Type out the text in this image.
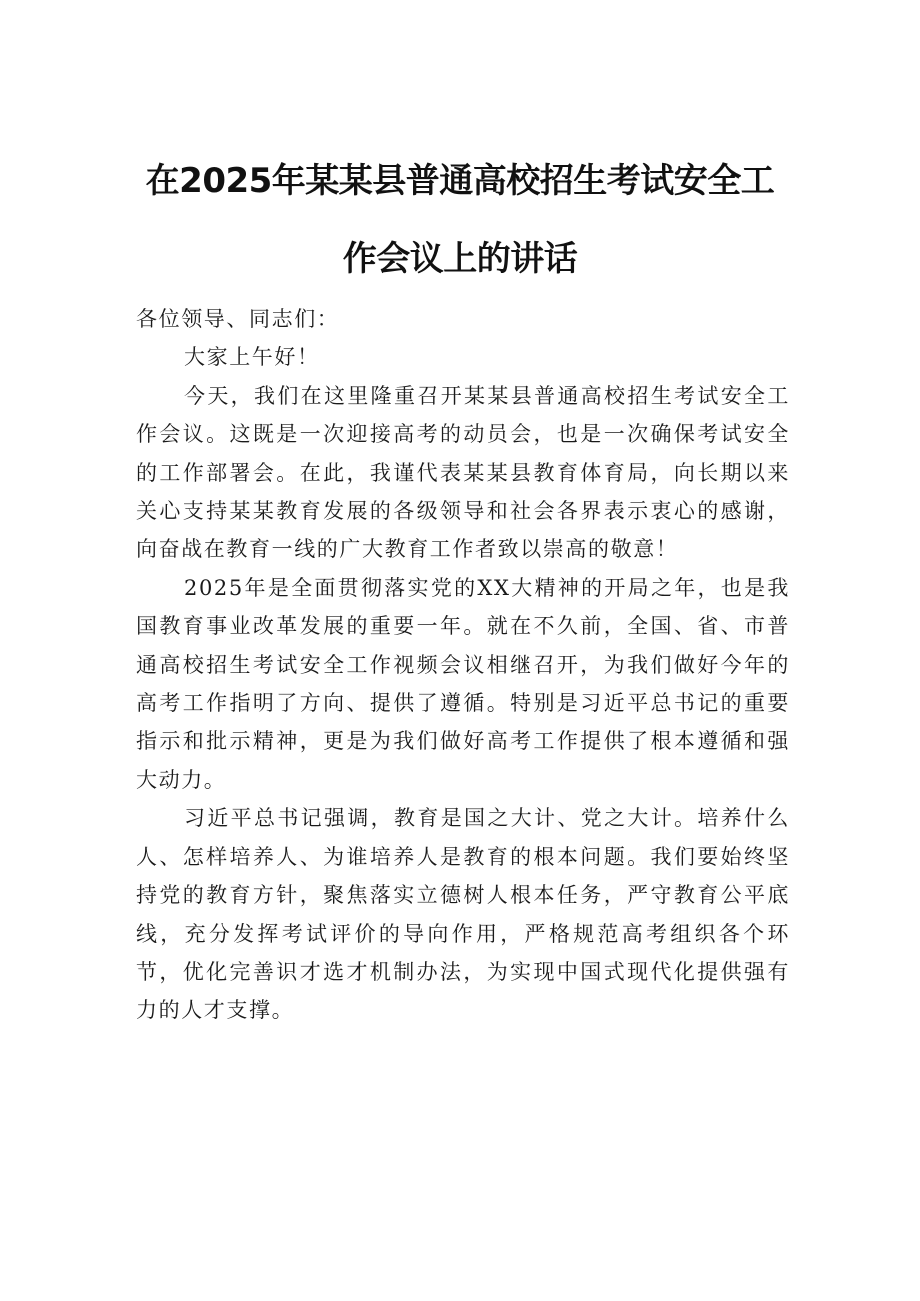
在2025年某某县普通高校招生考试安全工
作会议上的讲话

各位领导、同志们：

大家上午好！

今天，我们在这里隆重召开某某县普通高校招生考试安全工作会议。这既是一次迎接高考的动员会，也是一次确保考试安全的工作部署会。在此，我谨代表某某县教育体育局，向长期以来关心支持某某教育发展的各级领导和社会各界表示衷心的感谢，向奋战在教育一线的广大教育工作者致以崇高的敬意！

2025年是全面贯彻落实党的XX大精神的开局之年，也是我国教育事业改革发展的重要一年。就在不久前，全国、省、市普通高校招生考试安全工作视频会议相继召开，为我们做好今年的高考工作指明了方向、提供了遵循。特别是习近平总书记的重要指示和批示精神，更是为我们做好高考工作提供了根本遵循和强大动力。

习近平总书记强调，教育是国之大计、党之大计。培养什么人、怎样培养人、为谁培养人是教育的根本问题。我们要始终坚持党的教育方针，聚焦落实立德树人根本任务，严守教育公平底线，充分发挥考试评价的导向作用，严格规范高考组织各个环节，优化完善识才选才机制办法，为实现中国式现代化提供强有力的人才支撑。
